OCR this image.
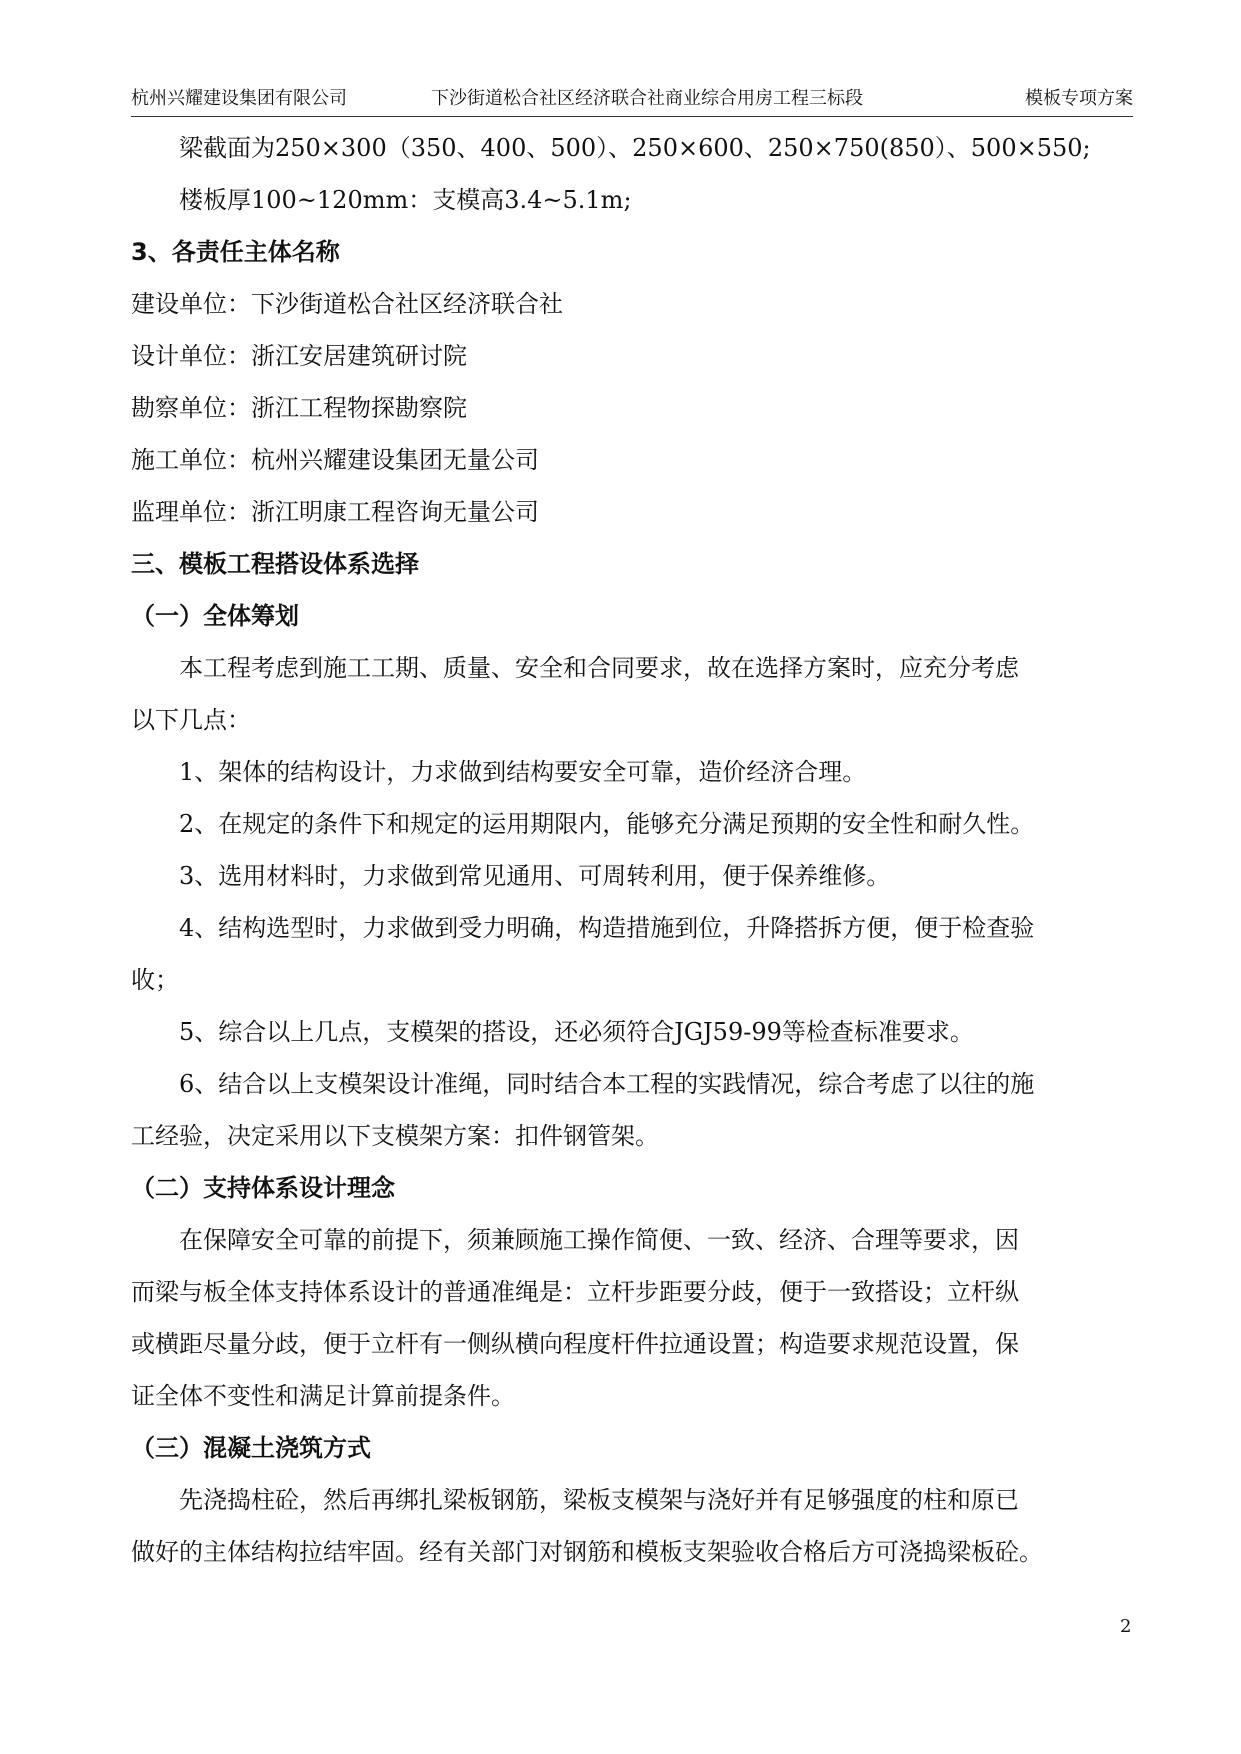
杭州兴耀建设集团有限公司	下沙街道松合社区经济联合社商业综合用房工程三标段	模板专项方案
梁截面为250×300（350、400、500）、250×600、250×750(850）、500×550;
楼板厚100~120mm：支模高3.4~5.1m;
3、各责任主体名称
建设单位：下沙街道松合社区经济联合社
设计单位：浙江安居建筑研讨院
勘察单位：浙江工程物探勘察院
施工单位：杭州兴耀建设集团无量公司
监理单位：浙江明康工程咨询无量公司
三、模板工程搭设体系选择
（一）全体筹划
本工程考虑到施工工期、质量、安全和合同要求，故在选择方案时，应充分考虑
以下几点：
1、架体的结构设计，力求做到结构要安全可靠，造价经济合理。
2、在规定的条件下和规定的运用期限内，能够充分满足预期的安全性和耐久性。
3、选用材料时，力求做到常见通用、可周转利用，便于保养维修。
4、结构选型时，力求做到受力明确，构造措施到位，升降搭拆方便，便于检查验
收；
5、综合以上几点，支模架的搭设，还必须符合JGJ59-99等检查标准要求。
6、结合以上支模架设计准绳，同时结合本工程的实践情况，综合考虑了以往的施
工经验，决定采用以下支模架方案：扣件钢管架。
（二）支持体系设计理念
在保障安全可靠的前提下，须兼顾施工操作简便、一致、经济、合理等要求，因
而梁与板全体支持体系设计的普通准绳是：立杆步距要分歧，便于一致搭设；立杆纵
或横距尽量分歧，便于立杆有一侧纵横向程度杆件拉通设置；构造要求规范设置，保
证全体不变性和满足计算前提条件。
（三）混凝土浇筑方式
先浇捣柱砼，然后再绑扎梁板钢筋，梁板支模架与浇好并有足够强度的柱和原已
做好的主体结构拉结牢固。经有关部门对钢筋和模板支架验收合格后方可浇捣梁板砼。
2
